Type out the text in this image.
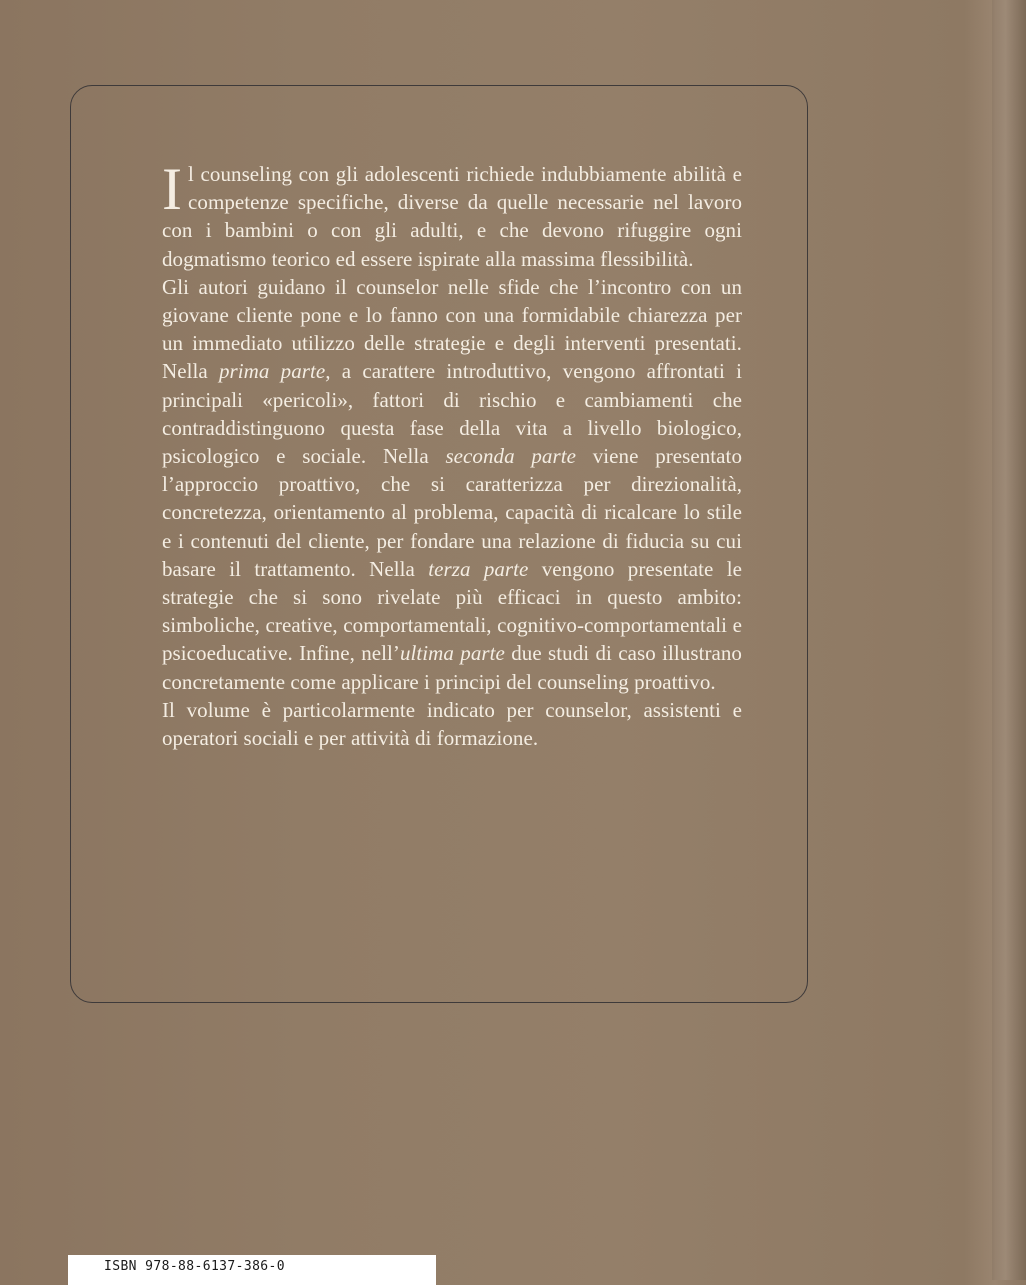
Il counseling con gli adolescenti richiede indubbiamente abilità e competenze specifiche, diverse da quelle necessarie nel lavoro con i bambini o con gli adulti, e che devono rifuggire ogni dogmatismo teorico ed essere ispirate alla massima flessibilità.

Gli autori guidano il counselor nelle sfide che l’incontro con un giovane cliente pone e lo fanno con una formidabile chiarezza per un immediato utilizzo delle strategie e degli interventi presentati. Nella prima parte, a carattere introduttivo, vengono affrontati i principali «pericoli», fattori di rischio e cambiamenti che contraddistinguono questa fase della vita a livello biologico, psicologico e sociale. Nella seconda parte viene presentato l’approccio proattivo, che si caratterizza per direzionalità, concretezza, orientamento al problema, capacità di ricalcare lo stile e i contenuti del cliente, per fondare una relazione di fiducia su cui basare il trattamento. Nella terza parte vengono presentate le strategie che si sono rivelate più efficaci in questo ambito: simboliche, creative, comportamentali, cognitivo-comportamentali e psicoeducative. Infine, nell’ultima parte due studi di caso illustrano concretamente come applicare i principi del counseling proattivo.

Il volume è particolarmente indicato per counselor, assistenti e operatori sociali e per attività di formazione.

ISBN 978-88-6137-386-0
